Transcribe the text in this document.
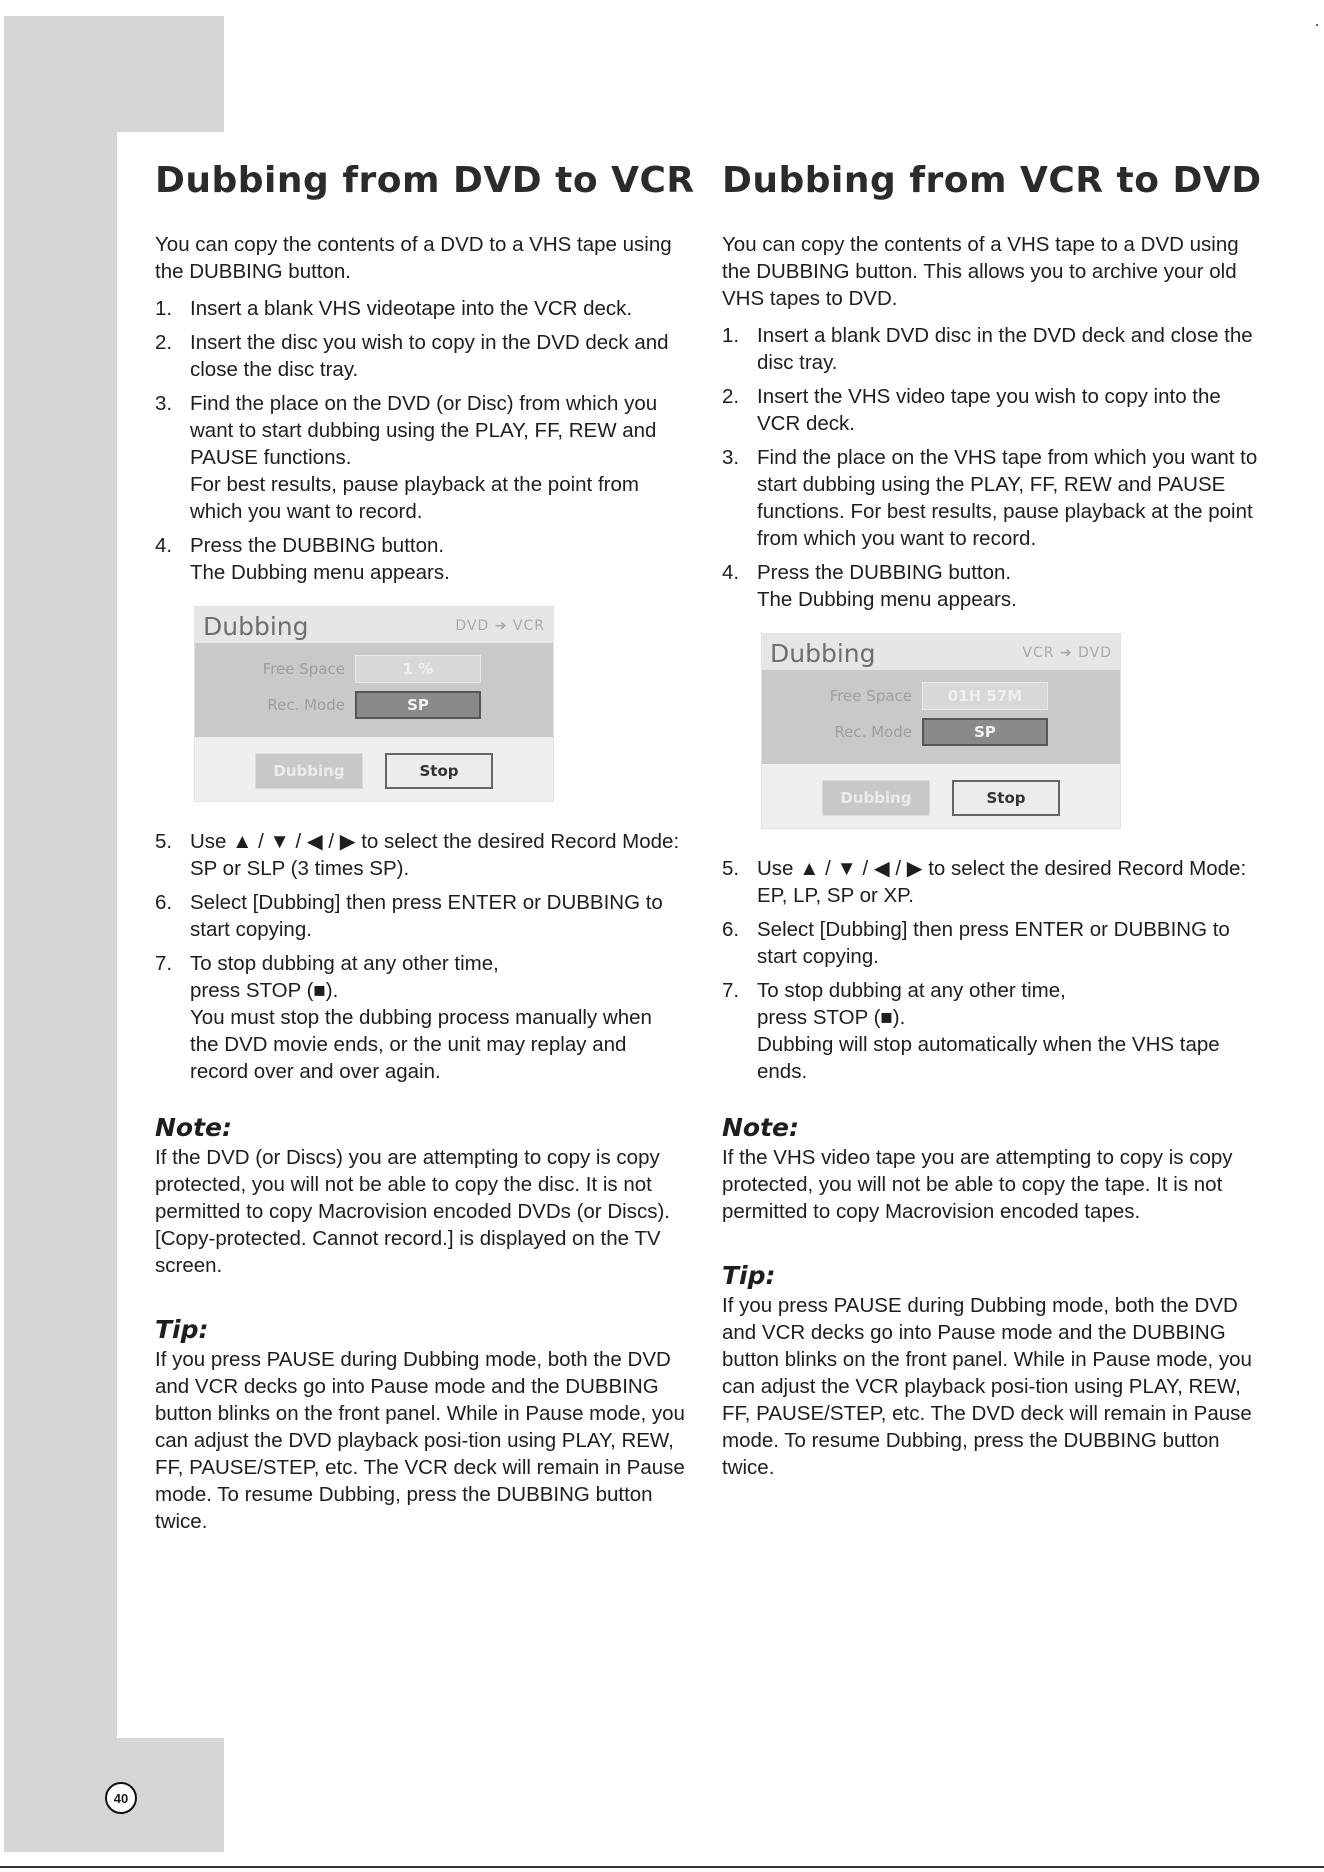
40
Dubbing from DVD to VCR

You can copy the contents of a DVD to a VHS tape using the DUBBING button.

1. Insert a blank VHS videotape into the VCR deck.
2. Insert the disc you wish to copy in the DVD deck and close the disc tray.
3. Find the place on the DVD (or Disc) from which you want to start dubbing using the PLAY, FF, REW and PAUSE functions.
For best results, pause playback at the point from which you want to record.
4. Press the DUBBING button.
The Dubbing menu appears.
Dubbing	DVD ➔ VCR
Free Space	1 %
Rec. Mode	SP
Dubbing	Stop
5. Use ▲ / ▼ / ◀ / ▶ to select the desired Record Mode: SP or SLP (3 times SP).
6. Select [Dubbing] then press ENTER or DUBBING to start copying.
7. To stop dubbing at any other time,
press STOP (■).
You must stop the dubbing process manually when the DVD movie ends, or the unit may replay and record over and over again.
Note:

If the DVD (or Discs) you are attempting to copy is copy protected, you will not be able to copy the disc. It is not permitted to copy Macrovision encoded DVDs (or Discs). [Copy-protected. Cannot record.] is displayed on the TV screen.

Tip:

If you press PAUSE during Dubbing mode, both the DVD and VCR decks go into Pause mode and the DUBBING button blinks on the front panel. While in Pause mode, you can adjust the DVD playback posi-tion using PLAY, REW, FF, PAUSE/STEP, etc. The VCR deck will remain in Pause mode. To resume Dubbing, press the DUBBING button twice.

Dubbing from VCR to DVD

You can copy the contents of a VHS tape to a DVD using the DUBBING button. This allows you to archive your old VHS tapes to DVD.

1. Insert a blank DVD disc in the DVD deck and close the disc tray.
2. Insert the VHS video tape you wish to copy into the VCR deck.
3. Find the place on the VHS tape from which you want to start dubbing using the PLAY, FF, REW and PAUSE functions. For best results, pause playback at the point from which you want to record.
4. Press the DUBBING button.
The Dubbing menu appears.
Dubbing	VCR ➔ DVD
Free Space	01H 57M
Rec. Mode	SP
Dubbing	Stop
5. Use ▲ / ▼ / ◀ / ▶ to select the desired Record Mode: EP, LP, SP or XP.
6. Select [Dubbing] then press ENTER or DUBBING to start copying.
7. To stop dubbing at any other time,
press STOP (■).
Dubbing will stop automatically when the VHS tape ends.
Note:

If the VHS video tape you are attempting to copy is copy protected, you will not be able to copy the tape. It is not permitted to copy Macrovision encoded tapes.

Tip:

If you press PAUSE during Dubbing mode, both the DVD and VCR decks go into Pause mode and the DUBBING button blinks on the front panel. While in Pause mode, you can adjust the VCR playback posi-tion using PLAY, REW, FF, PAUSE/STEP, etc. The DVD deck will remain in Pause mode. To resume Dubbing, press the DUBBING button twice.
